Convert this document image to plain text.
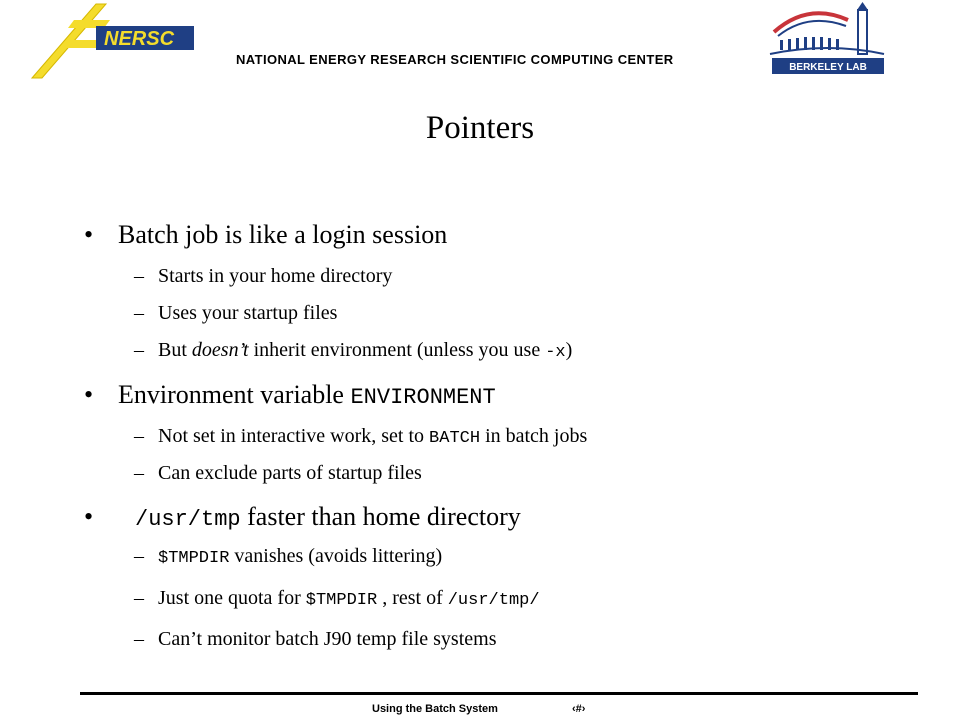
NERSC
NATIONAL ENERGY RESEARCH SCIENTIFIC COMPUTING CENTER
BERKELEY LAB
Pointers
• Batch job is like a login session
– Starts in your home directory
– Uses your startup files
– But doesn’t inherit environment (unless you use -x)
• Environment variable ENVIRONMENT
– Not set in interactive work, set to BATCH in batch jobs
– Can exclude parts of startup files
• /usr/tmp faster than home directory
– $TMPDIR vanishes (avoids littering)
– Just one quota for $TMPDIR , rest of /usr/tmp/
– Can’t monitor batch J90 temp file systems
Using the Batch System	‹#›
